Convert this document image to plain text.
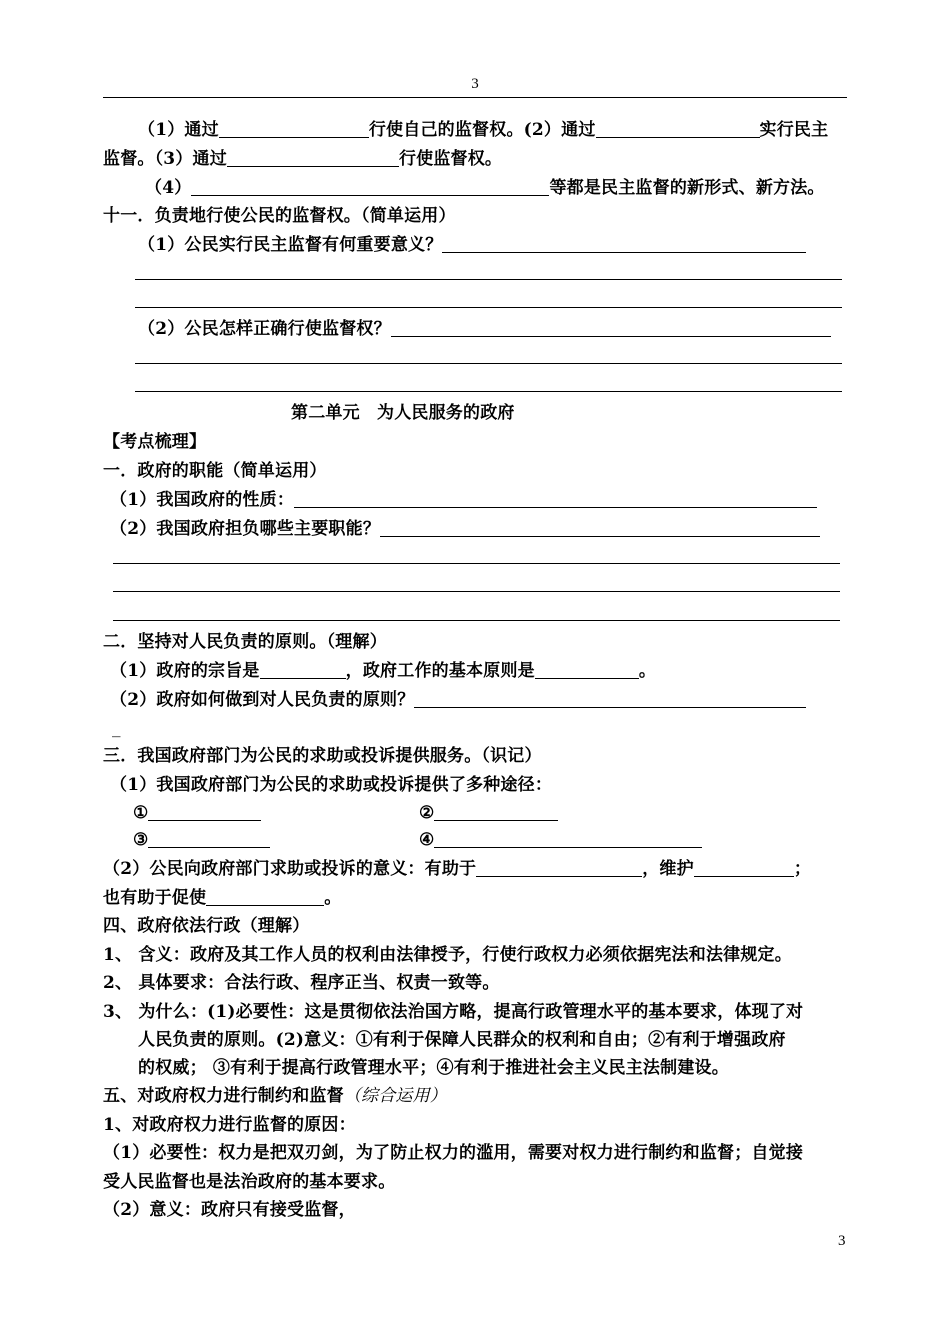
3
（1）通过	行使自己的监督权。(2）通过	实行民主
监督。（3）通过	行使监督权。
（4）	等都是民主监督的新形式、新方法。
十一．负责地行使公民的监督权。（简单运用）
（1）公民实行民主监督有何重要意义？
（2）公民怎样正确行使监督权？
第二单元　为人民服务的政府
【考点梳理】
一．政府的职能（简单运用）
（1）我国政府的性质：
（2）我国政府担负哪些主要职能？
二．坚持对人民负责的原则。（理解）
（1）政府的宗旨是	，政府工作的基本原则是	。
（2）政府如何做到对人民负责的原则？
_
三．我国政府部门为公民的求助或投诉提供服务。（识记）
（1）我国政府部门为公民的求助或投诉提供了多种途径：
①	②
③	④
（2）公民向政府部门求助或投诉的意义：有助于	，维护	；
也有助于促使	。
四、政府依法行政（理解）
1、 含义：政府及其工作人员的权利由法律授予，行使行政权力必须依据宪法和法律规定。
2、 具体要求：合法行政、程序正当、权责一致等。
3、 为什么：(1)必要性：这是贯彻依法治国方略，提高行政管理水平的基本要求，体现了对
人民负责的原则。(2)意义：①有利于保障人民群众的权利和自由；②有利于增强政府
的权威； ③有利于提高行政管理水平；④有利于推进社会主义民主法制建设。
五、对政府权力进行制约和监督（综合运用）
1、对政府权力进行监督的原因：
（1）必要性：权力是把双刃剑，为了防止权力的滥用，需要对权力进行制约和监督；自觉接
受人民监督也是法治政府的基本要求。
（2）意义：政府只有接受监督，
3
